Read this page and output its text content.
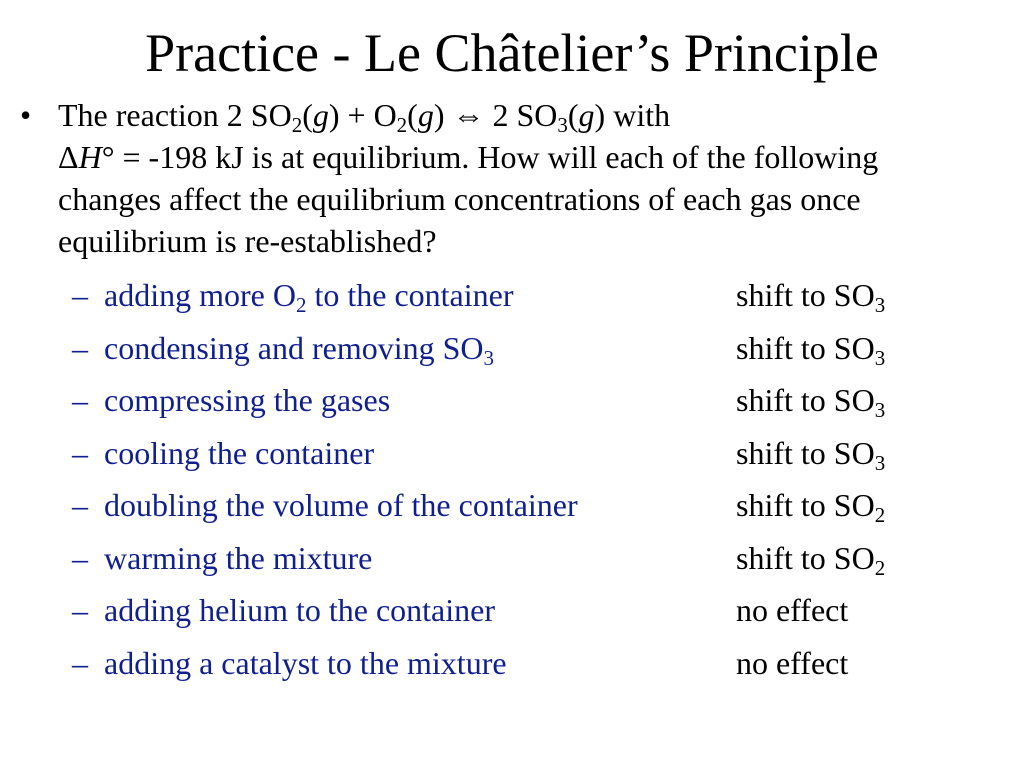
Practice - Le Châtelier’s Principle
• The reaction 2 $SO_2(g) + O_2(g)$ ⇔ 2 $SO_3(g)$ with
ΔH° = -198 kJ is at equilibrium. How will each of the following changes affect the equilibrium concentrations of each gas once equilibrium is re-established?
– adding more $O_2$ to the container	shift to $SO_3$
– condensing and removing $SO_3$	shift to $SO_3$
– compressing the gases	shift to $SO_3$
– cooling the container	shift to $SO_3$
– doubling the volume of the container	shift to $SO_2$
– warming the mixture	shift to $SO_2$
– adding helium to the container	no effect
– adding a catalyst to the mixture	no effect
